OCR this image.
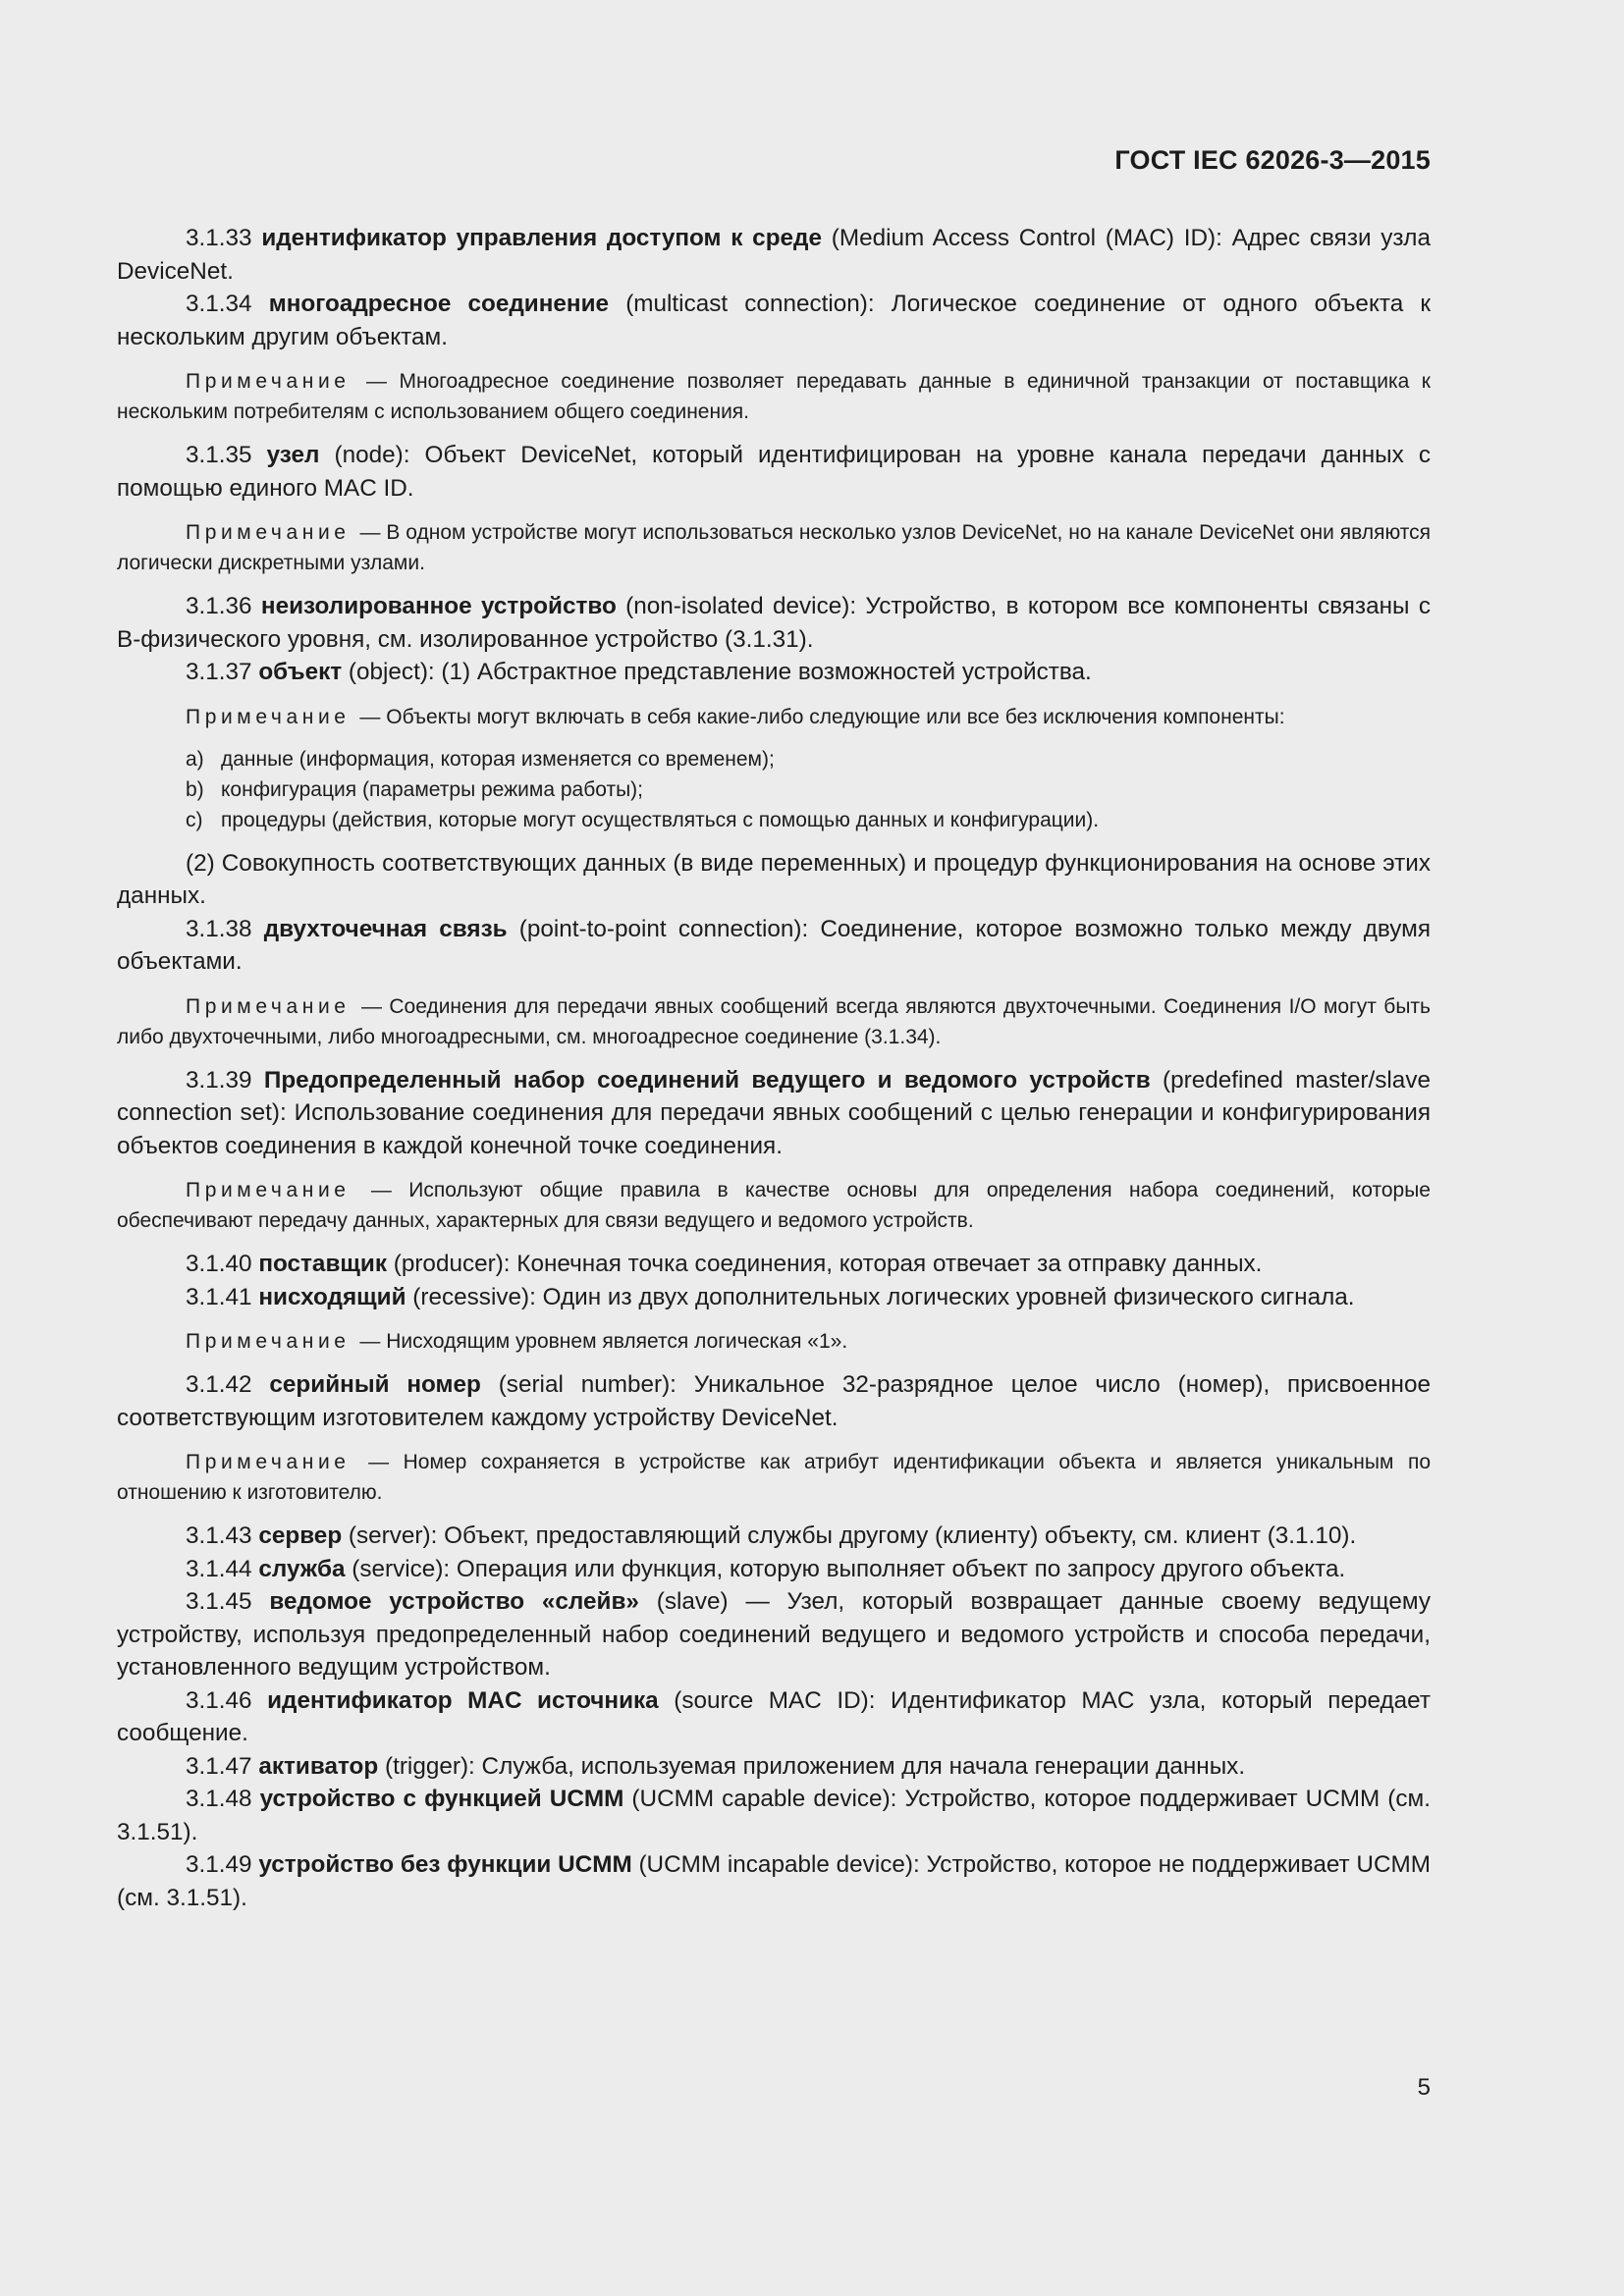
ГОСТ IEC 62026-3—2015

3.1.33 идентификатор управления доступом к среде (Medium Access Control (MAC) ID): Адрес связи узла DeviceNet.

3.1.34 многоадресное соединение (multicast connection): Логическое соединение от одного объекта к нескольким другим объектам.

Примечание — Многоадресное соединение позволяет передавать данные в единичной транзакции от поставщика к нескольким потребителям с использованием общего соединения.

3.1.35 узел (node): Объект DeviceNet, который идентифицирован на уровне канала передачи данных с помощью единого MAC ID.

Примечание — В одном устройстве могут использоваться несколько узлов DeviceNet, но на канале DeviceNet они являются логически дискретными узлами.

3.1.36 неизолированное устройство (non-isolated device): Устройство, в котором все компоненты связаны с В-физического уровня, см. изолированное устройство (3.1.31).

3.1.37 объект (object): (1) Абстрактное представление возможностей устройства.

Примечание — Объекты могут включать в себя какие-либо следующие или все без исключения компоненты:

a) данные (информация, которая изменяется со временем);

b) конфигурация (параметры режима работы);

c) процедуры (действия, которые могут осуществляться с помощью данных и конфигурации).

(2) Совокупность соответствующих данных (в виде переменных) и процедур функционирования на основе этих данных.

3.1.38 двухточечная связь (point-to-point connection): Соединение, которое возможно только между двумя объектами.

Примечание — Соединения для передачи явных сообщений всегда являются двухточечными. Соединения I/O могут быть либо двухточечными, либо многоадресными, см. многоадресное соединение (3.1.34).

3.1.39 Предопределенный набор соединений ведущего и ведомого устройств (predefined master/slave connection set): Использование соединения для передачи явных сообщений с целью генерации и конфигурирования объектов соединения в каждой конечной точке соединения.

Примечание — Используют общие правила в качестве основы для определения набора соединений, которые обеспечивают передачу данных, характерных для связи ведущего и ведомого устройств.

3.1.40 поставщик (producer): Конечная точка соединения, которая отвечает за отправку данных.

3.1.41 нисходящий (recessive): Один из двух дополнительных логических уровней физического сигнала.

Примечание — Нисходящим уровнем является логическая «1».

3.1.42 серийный номер (serial number): Уникальное 32-разрядное целое число (номер), присвоенное соответствующим изготовителем каждому устройству DeviceNet.

Примечание — Номер сохраняется в устройстве как атрибут идентификации объекта и является уникальным по отношению к изготовителю.

3.1.43 сервер (server): Объект, предоставляющий службы другому (клиенту) объекту, см. клиент (3.1.10).

3.1.44 служба (service): Операция или функция, которую выполняет объект по запросу другого объекта.

3.1.45 ведомое устройство «слейв» (slave) — Узел, который возвращает данные своему ведущему устройству, используя предопределенный набор соединений ведущего и ведомого устройств и способа передачи, установленного ведущим устройством.

3.1.46 идентификатор MAC источника (source MAC ID): Идентификатор MAC узла, который передает сообщение.

3.1.47 активатор (trigger): Служба, используемая приложением для начала генерации данных.

3.1.48 устройство с функцией UCMM (UCMM capable device): Устройство, которое поддерживает UCMM (см. 3.1.51).

3.1.49 устройство без функции UCMM (UCMM incapable device): Устройство, которое не поддерживает UCMM (см. 3.1.51).

5
